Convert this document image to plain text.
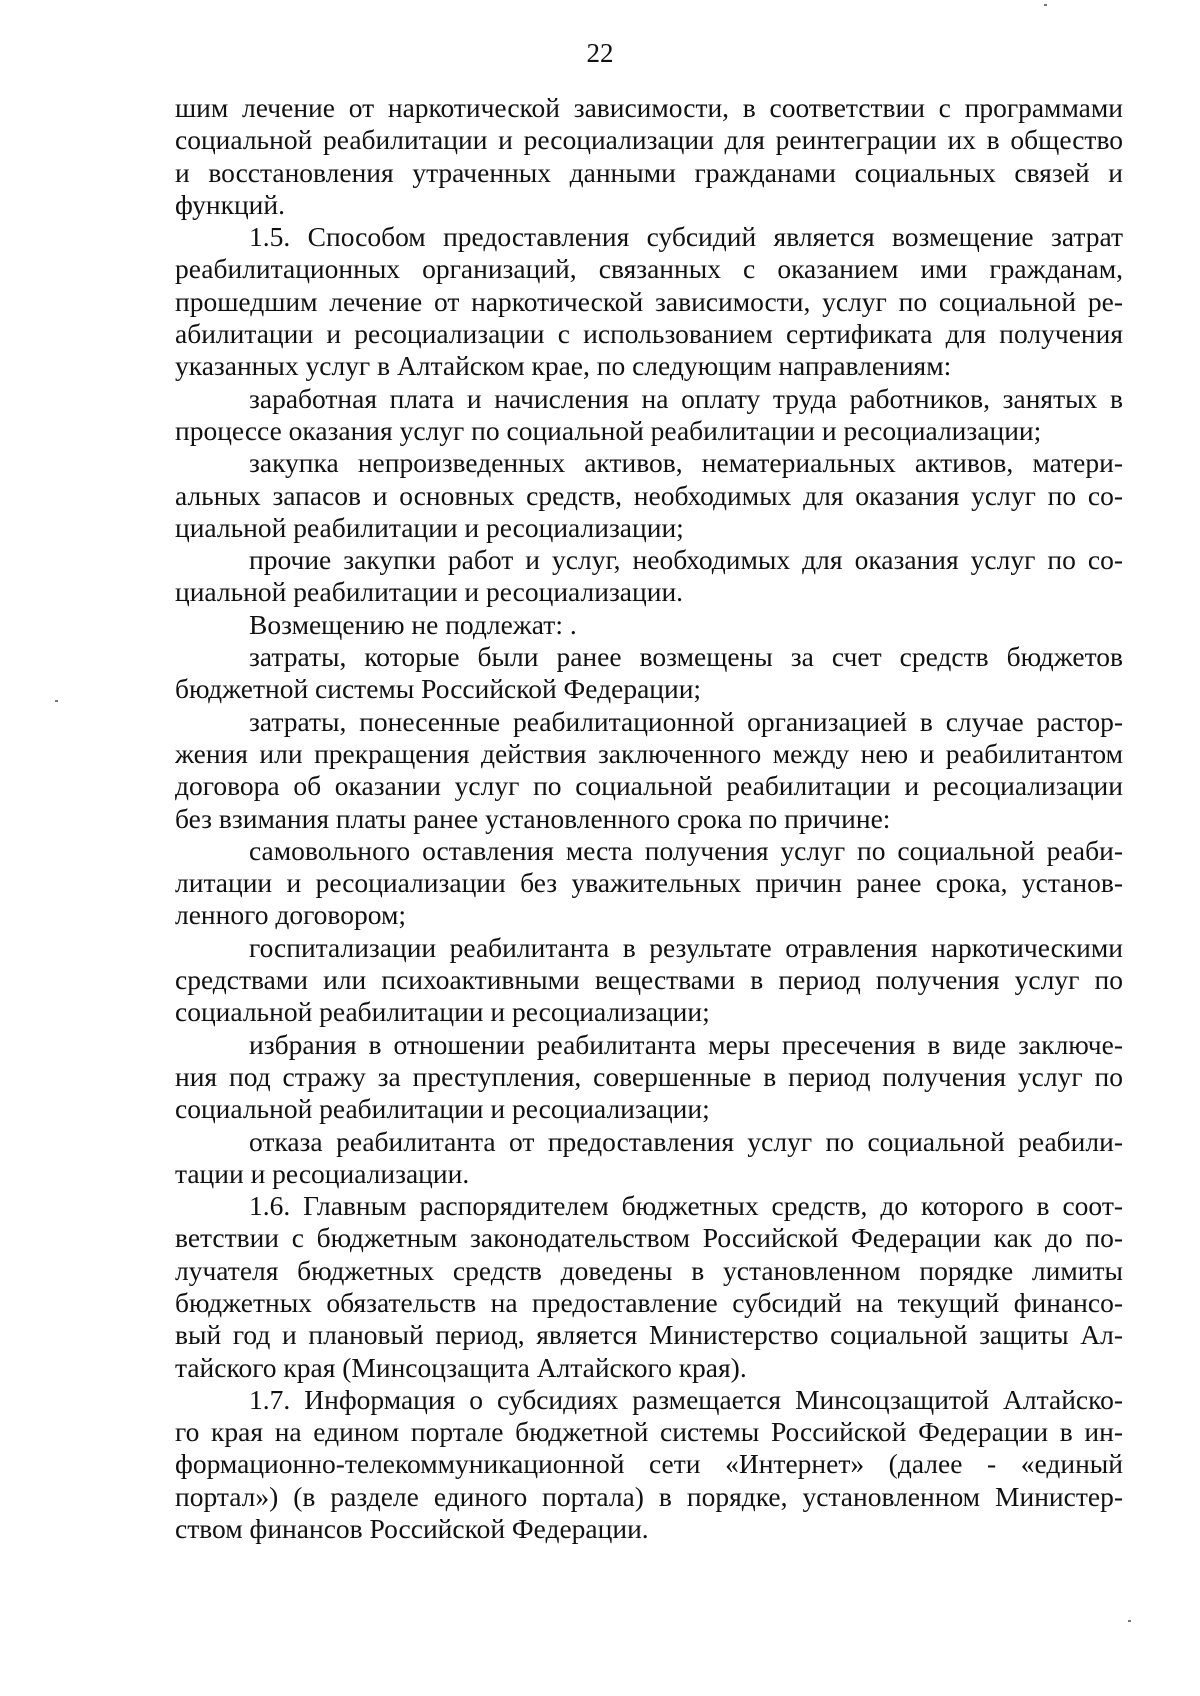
22
шим лечение от наркотической зависимости, в соответствии с программами
социальной реабилитации и ресоциализации для реинтеграции их в общество
и восстановления утраченных данными гражданами социальных связей и
функций.
1.5. Способом предоставления субсидий является возмещение затрат
реабилитационных организаций, связанных с оказанием ими гражданам,
прошедшим лечение от наркотической зависимости, услуг по социальной ре-
абилитации и ресоциализации с использованием сертификата для получения
указанных услуг в Алтайском крае, по следующим направлениям:
заработная плата и начисления на оплату труда работников, занятых в
процессе оказания услуг по социальной реабилитации и ресоциализации;
закупка непроизведенных активов, нематериальных активов, матери-
альных запасов и основных средств, необходимых для оказания услуг по со-
циальной реабилитации и ресоциализации;
прочие закупки работ и услуг, необходимых для оказания услуг по со-
циальной реабилитации и ресоциализации.
Возмещению не подлежат: .
затраты, которые были ранее возмещены за счет средств бюджетов
бюджетной системы Российской Федерации;
затраты, понесенные реабилитационной организацией в случае растор-
жения или прекращения действия заключенного между нею и реабилитантом
договора об оказании услуг по социальной реабилитации и ресоциализации
без взимания платы ранее установленного срока по причине:
самовольного оставления места получения услуг по социальной реаби-
литации и ресоциализации без уважительных причин ранее срока, установ-
ленного договором;
госпитализации реабилитанта в результате отравления наркотическими
средствами или психоактивными веществами в период получения услуг по
социальной реабилитации и ресоциализации;
избрания в отношении реабилитанта меры пресечения в виде заключе-
ния под стражу за преступления, совершенные в период получения услуг по
социальной реабилитации и ресоциализации;
отказа реабилитанта от предоставления услуг по социальной реабили-
тации и ресоциализации.
1.6. Главным распорядителем бюджетных средств, до которого в соот-
ветствии с бюджетным законодательством Российской Федерации как до по-
лучателя бюджетных средств доведены в установленном порядке лимиты
бюджетных обязательств на предоставление субсидий на текущий финансо-
вый год и плановый период, является Министерство социальной защиты Ал-
тайского края (Минсоцзащита Алтайского края).
1.7. Информация о субсидиях размещается Минсоцзащитой Алтайско-
го края на едином портале бюджетной системы Российской Федерации в ин-
формационно-телекоммуникационной сети «Интернет» (далее - «единый
портал») (в разделе единого портала) в порядке, установленном Министер-
ством финансов Российской Федерации.
